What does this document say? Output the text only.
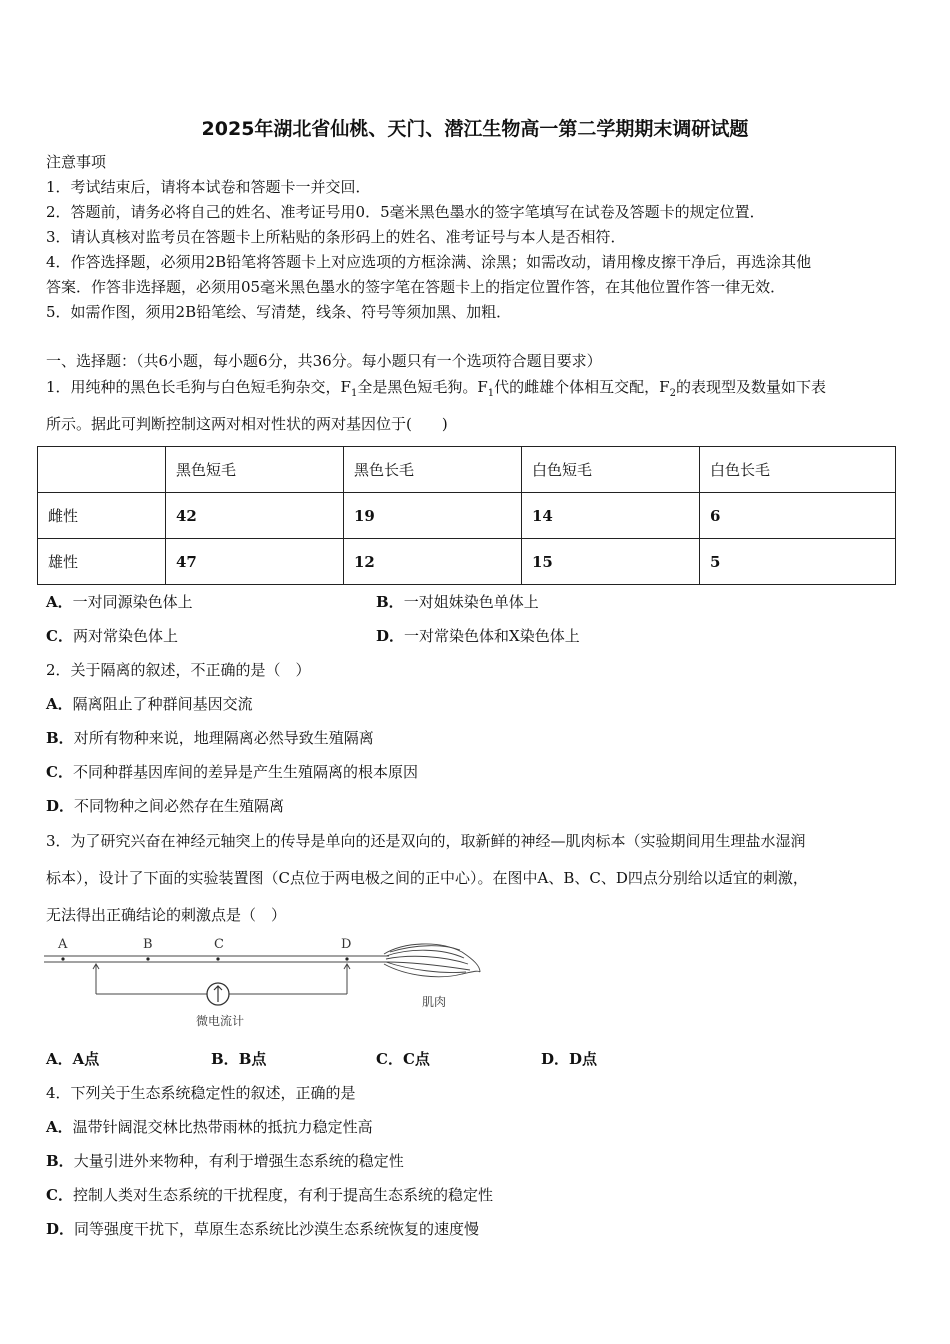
2025年湖北省仙桃、天门、潜江生物高一第二学期期末调研试题
注意事项
1．考试结束后，请将本试卷和答题卡一并交回．
2．答题前，请务必将自己的姓名、准考证号用0．5毫米黑色墨水的签字笔填写在试卷及答题卡的规定位置．
3．请认真核对监考员在答题卡上所粘贴的条形码上的姓名、准考证号与本人是否相符．
4．作答选择题，必须用2B铅笔将答题卡上对应选项的方框涂满、涂黑；如需改动，请用橡皮擦干净后，再选涂其他
答案．作答非选择题，必须用05毫米黑色墨水的签字笔在答题卡上的指定位置作答，在其他位置作答一律无效．
5．如需作图，须用2B铅笔绘、写清楚，线条、符号等须加黑、加粗．
一、选择题：（共6小题，每小题6分，共36分。每小题只有一个选项符合题目要求）
1．用纯种的黑色长毛狗与白色短毛狗杂交，$F_1$全是黑色短毛狗。$F_1$代的雌雄个体相互交配，$F_2$的表现型及数量如下表
所示。据此可判断控制这两对相对性状的两对基因位于(　　)
	黑色短毛	黑色长毛	白色短毛	白色长毛
雌性	42	19	14	6
雄性	47	12	15	5
A．一对同源染色体上	B．一对姐妹染色单体上
C．两对常染色体上	D．一对常染色体和X染色体上
2．关于隔离的叙述，不正确的是（　）
A．隔离阻止了种群间基因交流
B．对所有物种来说，地理隔离必然导致生殖隔离
C．不同种群基因库间的差异是产生生殖隔离的根本原因
D．不同物种之间必然存在生殖隔离
3．为了研究兴奋在神经元轴突上的传导是单向的还是双向的，取新鲜的神经—肌肉标本（实验期间用生理盐水湿润
标本），设计了下面的实验装置图（C点位于两电极之间的正中心）。在图中A、B、C、D四点分别给以适宜的刺激，
无法得出正确结论的刺激点是（　）
A	B	C	D
微电流计
肌肉
A．A点	B．B点	C．C点	D．D点
4．下列关于生态系统稳定性的叙述，正确的是
A．温带针阔混交林比热带雨林的抵抗力稳定性高
B．大量引进外来物种，有利于增强生态系统的稳定性
C．控制人类对生态系统的干扰程度，有利于提高生态系统的稳定性
D．同等强度干扰下，草原生态系统比沙漠生态系统恢复的速度慢
